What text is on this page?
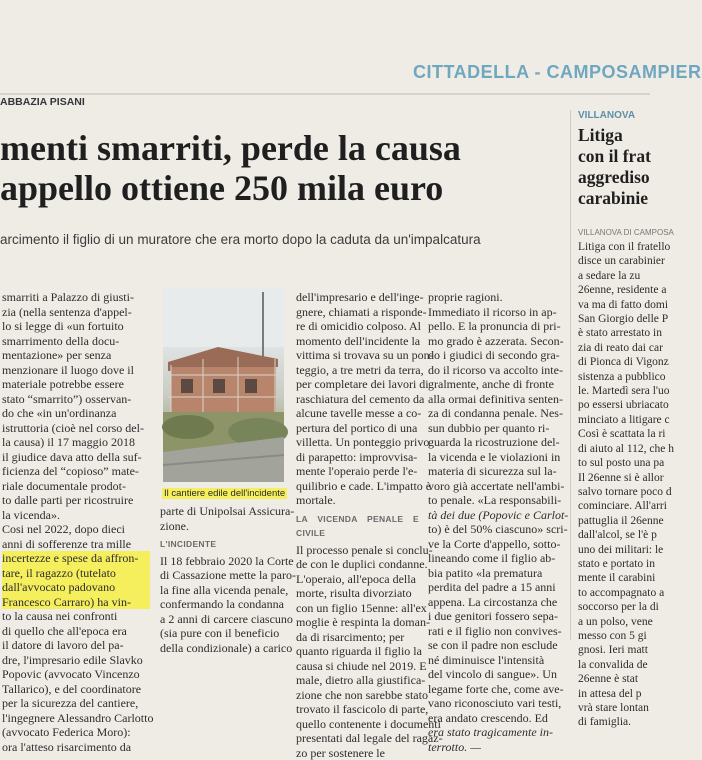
CITTADELLA - CAMPOSAMPIER
ABBAZIA PISANI
menti smarriti, perde la causa
appello ottiene 250 mila euro
arcimento il figlio di un muratore che era morto dopo la caduta da un'impalcatura
smarriti a Palazzo di giusti-
zia (nella sentenza d'appel-
lo si legge di «un fortuito
smarrimento della docu-
mentazione» per senza
menzionare il luogo dove il
materiale potrebbe essere
stato “smarrito”) osservan-
do che «in un'ordinanza
istruttoria (cioè nel corso del-
la causa) il 17 maggio 2018
il giudice dava atto della suf-
ficienza del “copioso” mate-
riale documentale prodot-
to dalle parti per ricostruire
la vicenda».
Cosi nel 2022, dopo dieci
anni di sofferenze tra mille
incertezze e spese da affron-
tare, il ragazzo (tutelato
dall'avvocato padovano
Francesco Carraro) ha vin-
to la causa nei confronti
di quello che all'epoca era
il datore di lavoro del pa-
dre, l'impresario edile Slavko
Popovic (avvocato Vincenzo
Tallarico), e del coordinatore
per la sicurezza del cantiere,
l'ingegnere Alessandro Carlotto
(avvocato Federica Moro):
ora l'atteso risarcimento da
Il cantiere edile dell'incidente
parte di Unipolsai Assicura-
zione.
L'INCIDENTE
Il 18 febbraio 2020 la Corte
di Cassazione mette la paro-
la fine alla vicenda penale,
confermando la condanna
a 2 anni di carcere ciascuno
(sia pure con il beneficio
della condizionale) a carico
dell'impresario e dell'inge-
gnere, chiamati a risponde-
re di omicidio colposo. Al
momento dell'incidente la
vittima si trovava su un pon-
teggio, a tre metri da terra,
per completare dei lavori di
raschiatura del cemento da
alcune tavelle messe a co-
pertura del portico di una
villetta. Un ponteggio privo
di parapetto: improvvisa-
mente l'operaio perde l'e-
quilibrio e cade. L'impatto è
mortale.
LA VICENDA PENALE E CIVILE
Il processo penale si conclu-
de con le duplici condanne.
L'operaio, all'epoca della
morte, risulta divorziato
con un figlio 15enne: all'ex
moglie è respinta la doman-
da di risarcimento; per
quanto riguarda il figlio la
causa si chiude nel 2019. E
male, dietro alla giustifica-
zione che non sarebbe stato
trovato il fascicolo di parte,
quello contenente i documenti
presentati dal legale del ragaz-
zo per sostenere le
proprie ragioni.
Immediato il ricorso in ap-
pello. E la pronuncia di pri-
mo grado è azzerata. Secon-
do i giudici di secondo gra-
do il ricorso va accolto inte-
gralmente, anche di fronte
alla ormai definitiva senten-
za di condanna penale. Nes-
sun dubbio per quanto ri-
guarda la ricostruzione del-
la vicenda e le violazioni in
materia di sicurezza sul la-
voro già accertate nell'ambi-
to penale. «La responsabili-
tà dei due (Popovic e Carlot-
to) è del 50% ciascuno» scri-
ve la Corte d'appello, sotto-
lineando come il figlio ab-
bia patito «la prematura
perdita del padre a 15 anni
appena. La circostanza che
i due genitori fossero sepa-
rati e il figlio non convives-
se con il padre non esclude
né diminuisce l'intensità
del vincolo di sangue». Un
legame forte che, come ave-
vano riconosciuto vari testi,
era andato crescendo. Ed
era stato tragicamente in-
terrotto. —
VILLANOVA
Litiga
con il frat
aggrediso
carabinie
VILLANOVA DI CAMPOSA
Litiga con il fratello
disce un carabinier
a sedare la zu
26enne, residente a
va ma di fatto domi
San Giorgio delle P
è stato arrestato in
zia di reato dai car
di Pionca di Vigonz
sistenza a pubblico
le. Martedì sera l'uo
po essersi ubriacato
minciato a litigare c
Così è scattata la ri
di aiuto al 112, che h
to sul posto una pa
Il 26enne si è allor
salvo tornare poco d
cominciare. All'arri
pattuglia il 26enne
dall'alcol, se l'è p
uno dei militari: le
stato e portato in
mente il carabini
to accompagnato a
soccorso per la di
a un polso, vene
messo con 5 gi
gnosi. Ieri matt
la convalida de
26enne è stat
in attesa del p
vrà stare lontan
di famiglia.
